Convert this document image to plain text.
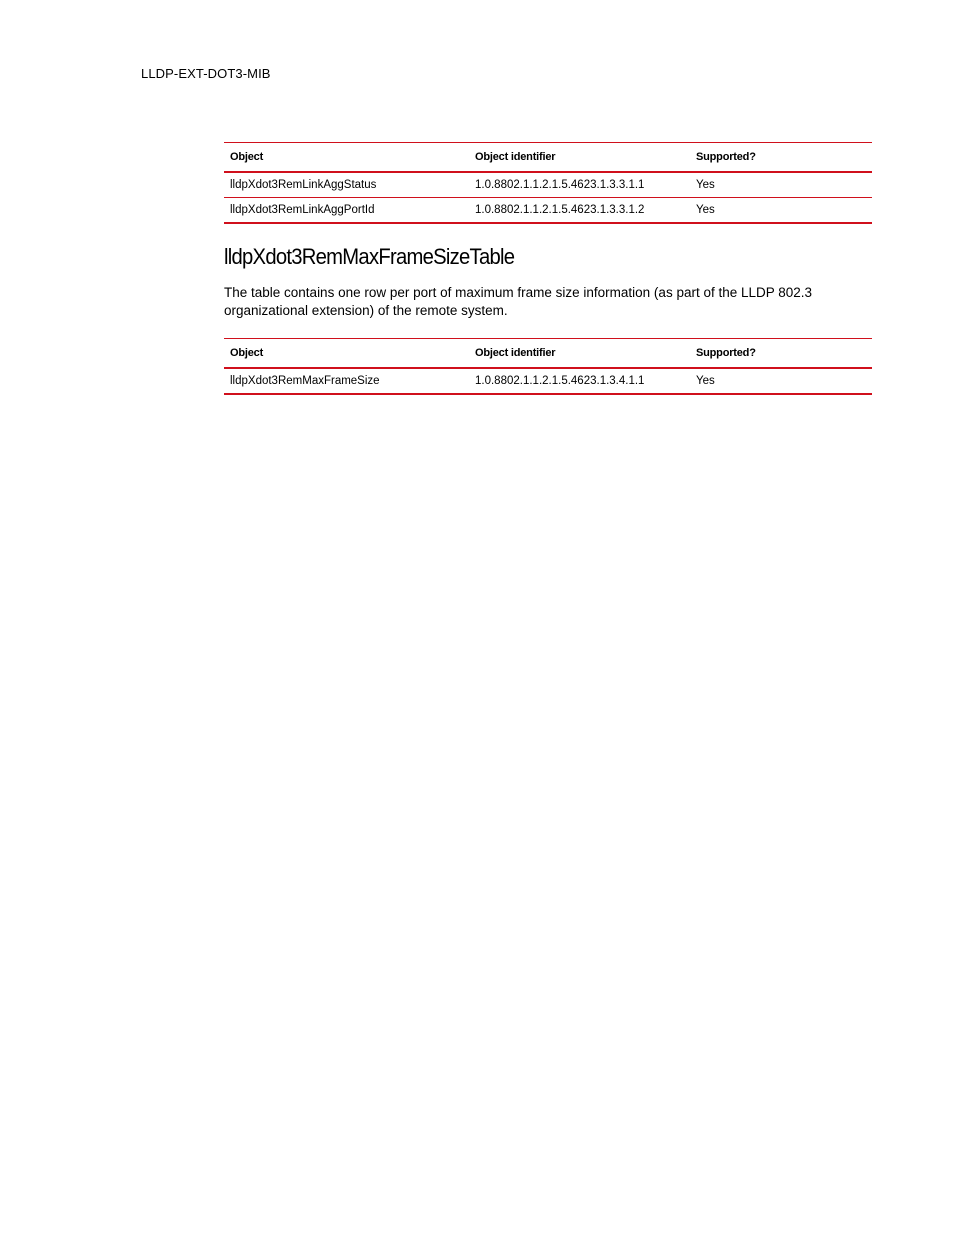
LLDP-EXT-DOT3-MIB
Object	Object identifier	Supported?
lldpXdot3RemLinkAggStatus	1.0.8802.1.1.2.1.5.4623.1.3.3.1.1	Yes
lldpXdot3RemLinkAggPortId	1.0.8802.1.1.2.1.5.4623.1.3.3.1.2	Yes
lldpXdot3RemMaxFrameSizeTable

The table contains one row per port of maximum frame size information (as part of the LLDP 802.3 organizational extension) of the remote system.

Object	Object identifier	Supported?
lldpXdot3RemMaxFrameSize	1.0.8802.1.1.2.1.5.4623.1.3.4.1.1	Yes
